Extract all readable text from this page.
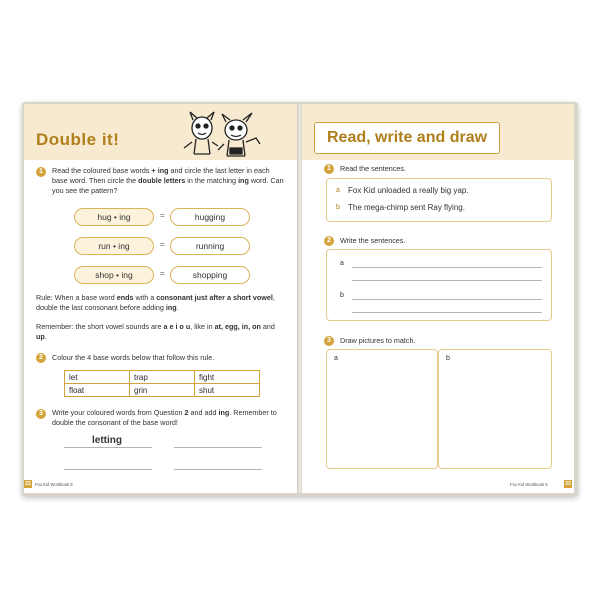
Double it!
1	Read the coloured base words + ing and circle the last letter in each base word. Then circle the double letters in the matching ing word. Can you see the pattern?
hug • ing	=	hugging
run • ing	=	running
shop • ing	=	shopping
Rule: When a base word ends with a consonant just after a short vowel, double the last consonant before adding ing.
Remember: the short vowel sounds are a e i o u, like in at, egg, in, on and up.
2	Colour the 4 base words below that follow this rule.
3	Write your coloured words from Question 2 and add ing. Remember to double the consonant of the base word!
letting
22 Fox Kid Workbook 9
let	trap	fight
float	grin	shut
Read, write and draw
1	Read the sentences.
a Fox Kid unloaded a really big yap.
b The mega-chimp sent Ray flying.
2	Write the sentences.
a
b
3	Draw pictures to match.
a	b
Fox Kid Workbook 9	23
